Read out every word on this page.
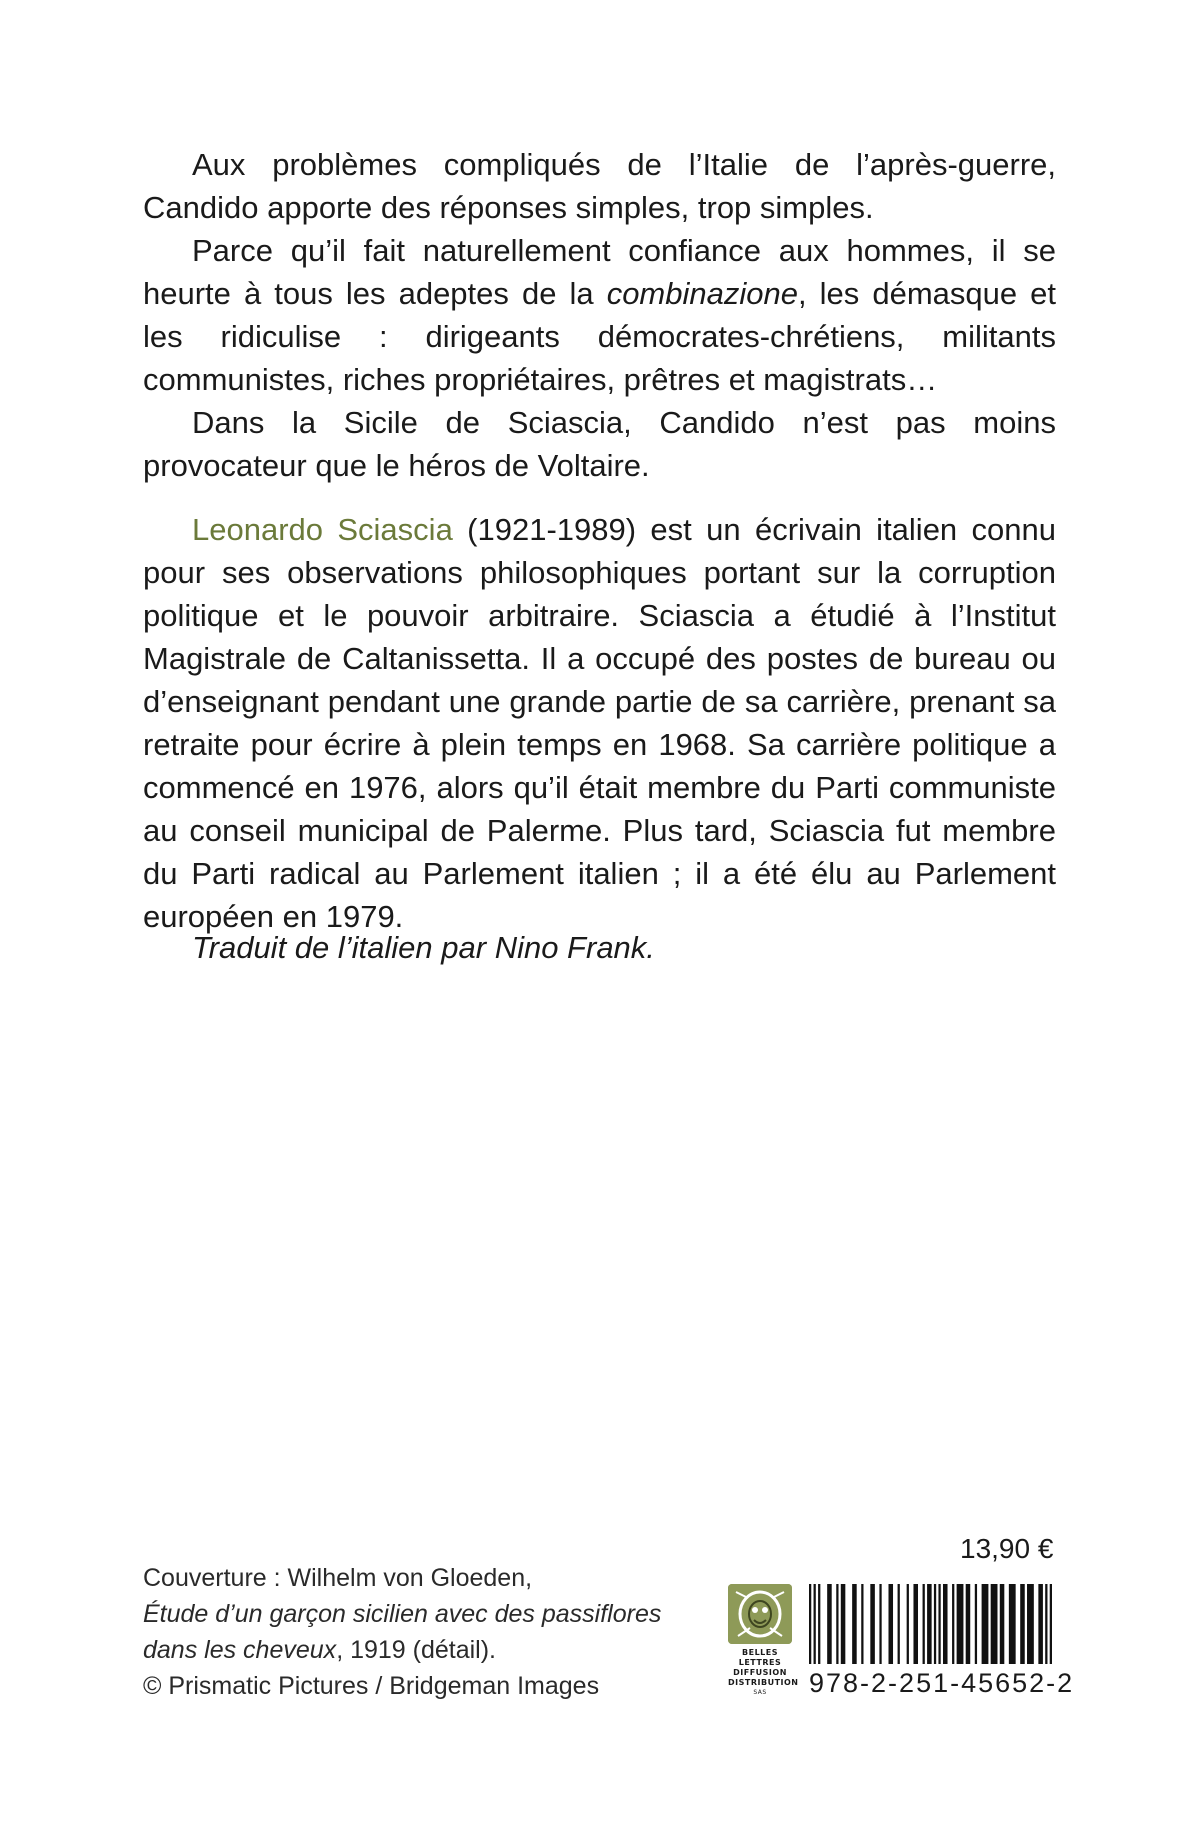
Aux problèmes compliqués de l’Italie de l’après-guerre, Candido apporte des réponses simples, trop simples.

Parce qu’il fait naturellement confiance aux hommes, il se heurte à tous les adeptes de la combinazione, les démasque et les ridiculise : dirigeants démocrates-chrétiens, militants communistes, riches propriétaires, prêtres et magistrats…

Dans la Sicile de Sciascia, Candido n’est pas moins provocateur que le héros de Voltaire.

Leonardo Sciascia (1921-1989) est un écrivain italien connu pour ses observations philosophiques portant sur la corruption politique et le pouvoir arbitraire. Sciascia a étudié à l’Institut Magistrale de Caltanissetta. Il a occupé des postes de bureau ou d’enseignant pendant une grande partie de sa carrière, prenant sa retraite pour écrire à plein temps en 1968. Sa carrière politique a commencé en 1976, alors qu’il était membre du Parti communiste au conseil municipal de Palerme. Plus tard, Sciascia fut membre du Parti radical au Parlement italien ; il a été élu au Parlement européen en 1979.

Traduit de l’italien par Nino Frank.
Couverture : Wilhelm von Gloeden,
Étude d’un garçon sicilien avec des passiflores
dans les cheveux, 1919 (détail).
© Prismatic Pictures / Bridgeman Images
13,90 €
BELLES LETTRES
DIFFUSION
DISTRIBUTION
SAS	978-2-251-45652-2
